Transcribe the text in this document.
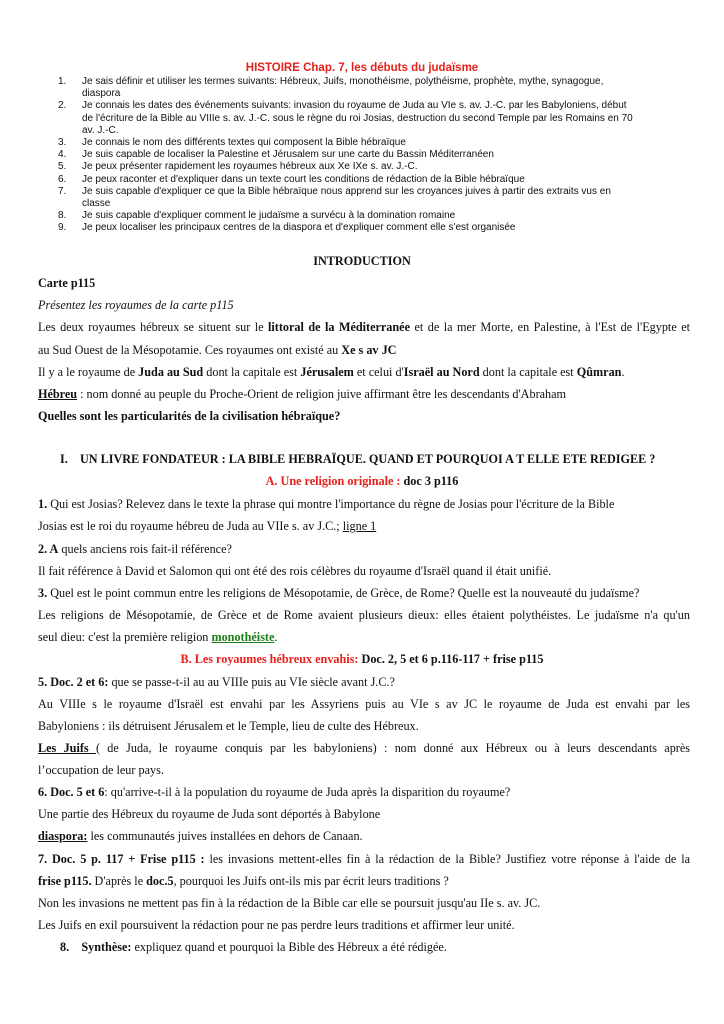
HISTOIRE Chap. 7, les débuts du judaïsme
1. Je sais définir et utiliser les termes suivants: Hébreux, Juifs, monothéisme, polythéisme, prophète, mythe, synagogue,
diaspora
2. Je connais les dates des événements suivants: invasion du royaume de Juda au VIe s. av. J.-C. par les Babyloniens, début
de l'écriture de la Bible au VIIIe s. av. J.-C. sous le règne du roi Josias, destruction du second Temple par les Romains en 70
av. J.-C.
3. Je connais le nom des différents textes qui composent la Bible hébraïque
4. Je suis capable de localiser la Palestine et Jérusalem sur une carte du Bassin Méditerranéen
5. Je peux présenter rapidement les royaumes hébreux aux Xe IXe s. av. J.-C.
6. Je peux raconter et d'expliquer dans un texte court les conditions de rédaction de la Bible hébraïque
7. Je suis capable d'expliquer ce que la Bible hébraïque nous apprend sur les croyances juives à partir des extraits vus en
classe
8. Je suis capable d'expliquer comment le judaïsme a survécu à la domination romaine
9. Je peux localiser les principaux centres de la diaspora et d'expliquer comment elle s'est organisée
INTRODUCTION
Carte p115
Présentez les royaumes de la carte p115
Les deux royaumes hébreux se situent sur le littoral de la Méditerranée et de la mer Morte, en Palestine, à l'Est de l'Egypte et
au Sud Ouest de la Mésopotamie. Ces royaumes ont existé au Xe s av JC
Il y a le royaume de Juda au Sud dont la capitale est Jérusalem et celui d'Israël au Nord dont la capitale est Qûmran.
Hébreu : nom donné au peuple du Proche-Orient de religion juive affirmant être les descendants d'Abraham
Quelles sont les particularités de la civilisation hébraïque?
I. UN LIVRE FONDATEUR : LA BIBLE HEBRAÏQUE. QUAND ET POURQUOI A T ELLE ETE REDIGEE ?
A. Une religion originale : doc 3 p116
1. Qui est Josias? Relevez dans le texte la phrase qui montre l'importance du règne de Josias pour l'écriture de la Bible
Josias est le roi du royaume hébreu de Juda au VIIe s. av J.C.; ligne 1
2. A quels anciens rois fait-il référence?
Il fait référence à David et Salomon qui ont été des rois célèbres du royaume d'Israël quand il était unifié.
3. Quel est le point commun entre les religions de Mésopotamie, de Grèce, de Rome? Quelle est la nouveauté du judaïsme?
Les religions de Mésopotamie, de Grèce et de Rome avaient plusieurs dieux: elles étaient polythéistes. Le judaïsme n'a qu'un
seul dieu: c'est la première religion monothéiste.
B. Les royaumes hébreux envahis: Doc. 2, 5 et 6 p.116-117 + frise p115
5. Doc. 2 et 6: que se passe-t-il au au VIIIe puis au VIe siècle avant J.C.?
Au VIIIe s le royaume d'Israël est envahi par les Assyriens puis au VIe s av JC le royaume de Juda est envahi par les
Babyloniens : ils détruisent Jérusalem et le Temple, lieu de culte des Hébreux.
Les Juifs ( de Juda, le royaume conquis par les babyloniens) : nom donné aux Hébreux ou à leurs descendants après
l’occupation de leur pays.
6. Doc. 5 et 6: qu'arrive-t-il à la population du royaume de Juda après la disparition du royaume?
Une partie des Hébreux du royaume de Juda sont déportés à Babylone
diaspora: les communautés juives installées en dehors de Canaan.
7. Doc. 5 p. 117 + Frise p115 : les invasions mettent-elles fin à la rédaction de la Bible? Justifiez votre réponse à l'aide de la
frise p115. D'après le doc.5, pourquoi les Juifs ont-ils mis par écrit leurs traditions ?
Non les invasions ne mettent pas fin à la rédaction de la Bible car elle se poursuit jusqu'au IIe s. av. JC.
Les Juifs en exil poursuivent la rédaction pour ne pas perdre leurs traditions et affirmer leur unité.
8. Synthèse: expliquez quand et pourquoi la Bible des Hébreux a été rédigée.
